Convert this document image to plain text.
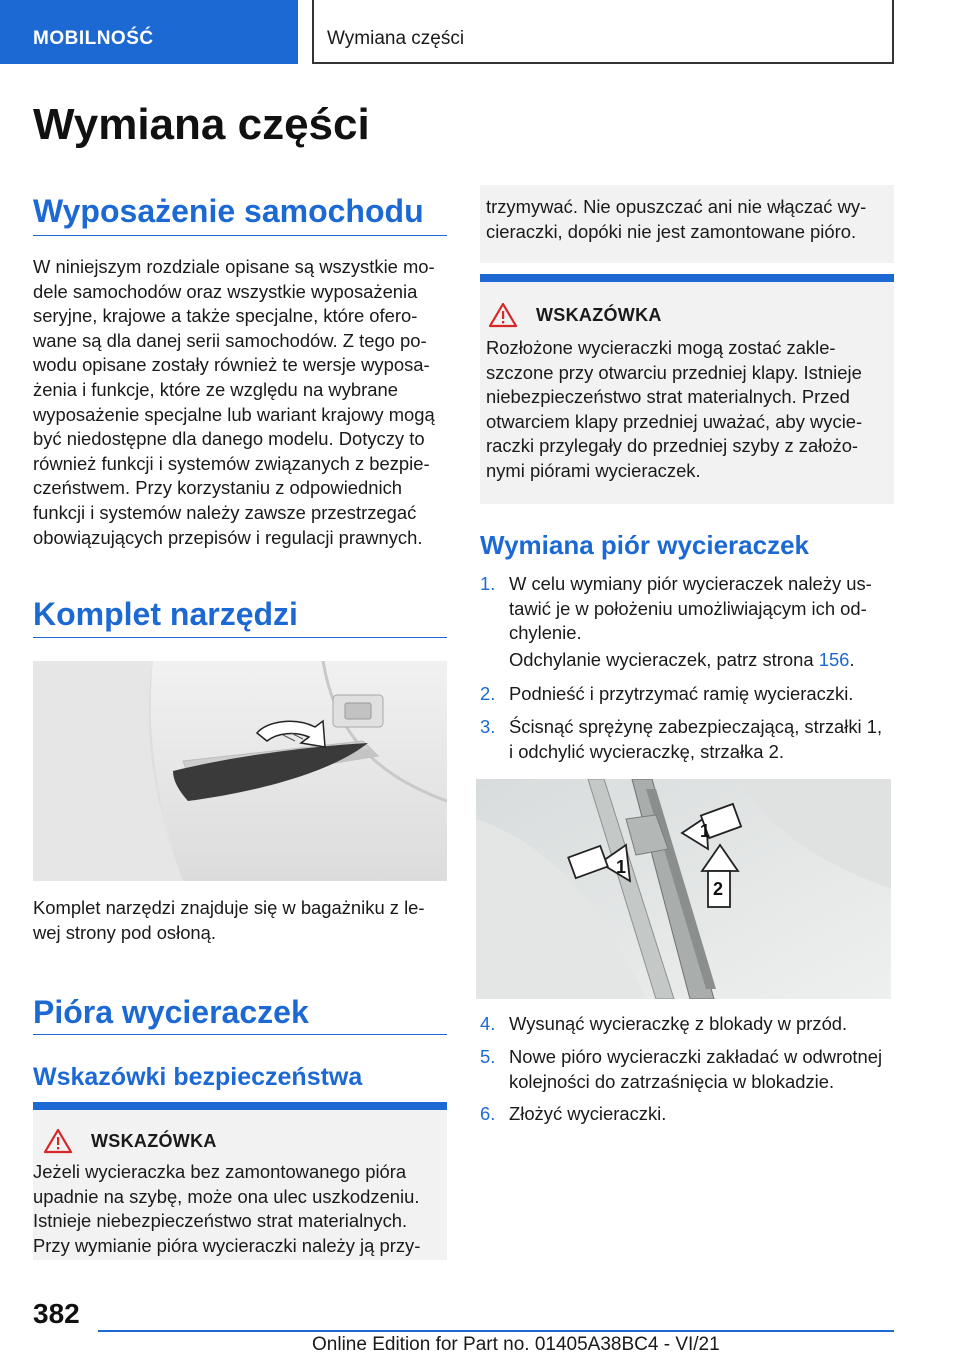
MOBILNOŚĆ	Wymiana części
Wymiana części
Wyposażenie samochodu
W niniejszym rozdziale opisane są wszystkie mo-
dele samochodów oraz wszystkie wyposażenia
seryjne, krajowe a także specjalne, które ofero-
wane są dla danej serii samochodów. Z tego po-
wodu opisane zostały również te wersje wyposa-
żenia i funkcje, które ze względu na wybrane
wyposażenie specjalne lub wariant krajowy mogą
być niedostępne dla danego modelu. Dotyczy to
również funkcji i systemów związanych z bezpie-
czeństwem. Przy korzystaniu z odpowiednich
funkcji i systemów należy zawsze przestrzegać
obowiązujących przepisów i regulacji prawnych.
Komplet narzędzi
Komplet narzędzi znajduje się w bagażniku z le-
wej strony pod osłoną.
Pióra wycieraczek
Wskazówki bezpieczeństwa
WSKAZÓWKA
Jeżeli wycieraczka bez zamontowanego pióra
upadnie na szybę, może ona ulec uszkodzeniu.
Istnieje niebezpieczeństwo strat materialnych.
Przy wymianie pióra wycieraczki należy ją przy-
trzymywać. Nie opuszczać ani nie włączać wy-
cieraczki, dopóki nie jest zamontowane pióro.
WSKAZÓWKA
Rozłożone wycieraczki mogą zostać zakle-
szczone przy otwarciu przedniej klapy. Istnieje
niebezpieczeństwo strat materialnych. Przed
otwarciem klapy przedniej uważać, aby wycie-
raczki przylegały do przedniej szyby z założo-
nymi piórami wycieraczek.
Wymiana piór wycieraczek
1. W celu wymiany piór wycieraczek należy us-
tawić je w położeniu umożliwiającym ich od-
chylenie.
Odchylanie wycieraczek, patrz strona 156.
2. Podnieść i przytrzymać ramię wycieraczki.
3. Ścisnąć sprężynę zabezpieczającą, strzałki 1,
i odchylić wycieraczkę, strzałka 2.
1
1
2
4. Wysunąć wycieraczkę z blokady w przód.
5. Nowe pióro wycieraczki zakładać w odwrotnej
kolejności do zatrzaśnięcia w blokadzie.
6. Złożyć wycieraczki.
382
Online Edition for Part no. 01405A38BC4 - VI/21
